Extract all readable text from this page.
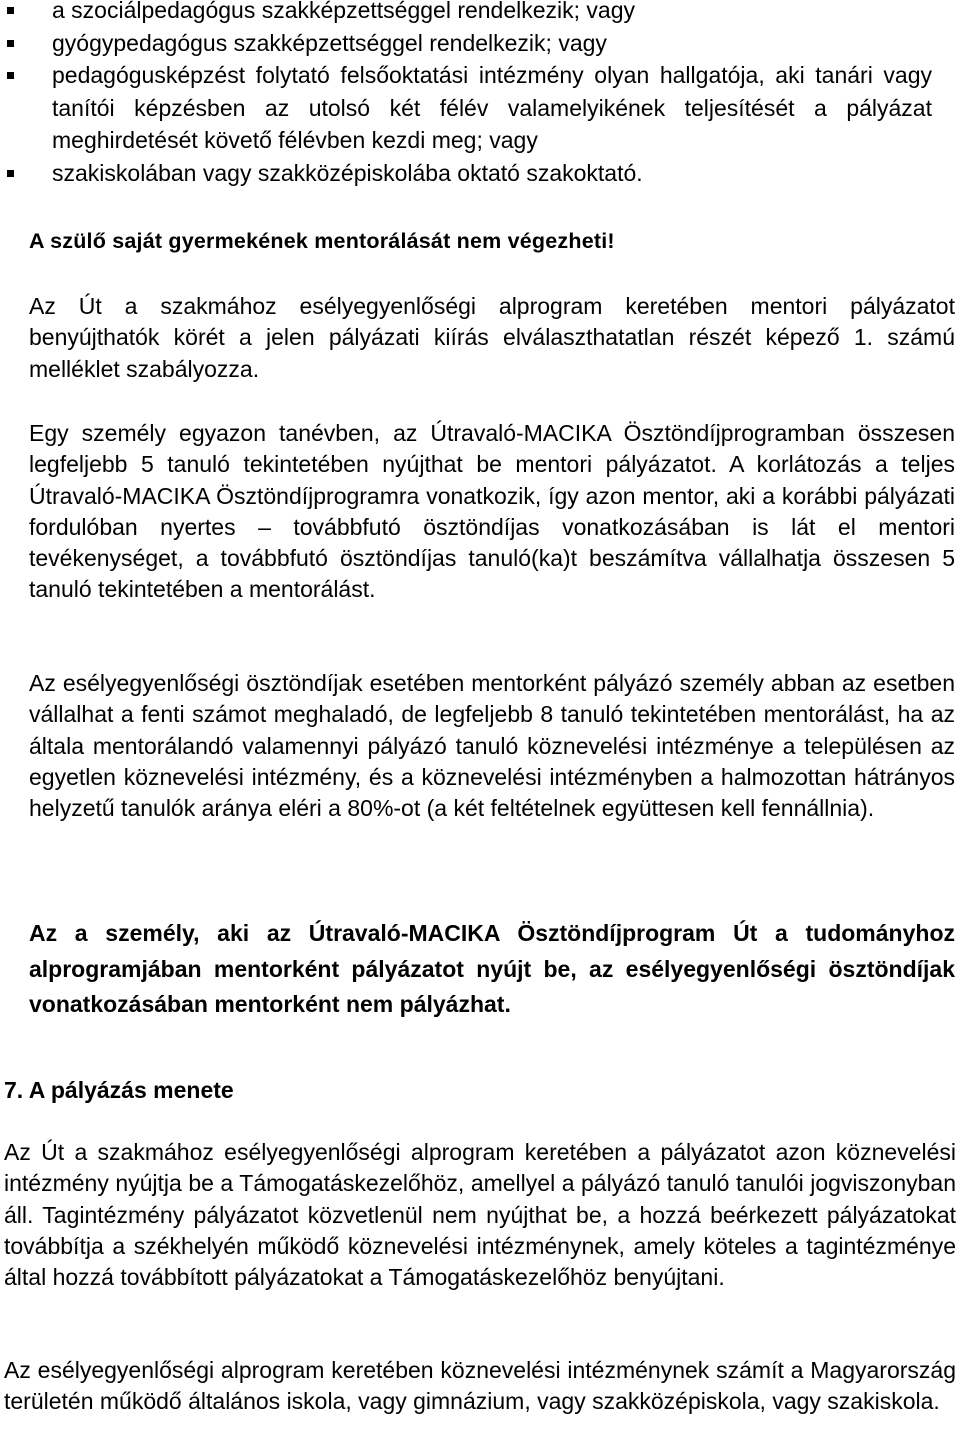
a szociálpedagógus szakképzettséggel rendelkezik; vagy
gyógypedagógus szakképzettséggel rendelkezik; vagy
pedagógusképzést folytató felsőoktatási intézmény olyan hallgatója, aki tanári vagy tanítói képzésben az utolsó két félév valamelyikének teljesítését a pályázat meghirdetését követő félévben kezdi meg; vagy
szakiskolában vagy szakközépiskolába oktató szakoktató.

A szülő saját gyermekének mentorálását nem végezheti!

Az Út a szakmához esélyegyenlőségi alprogram keretében mentori pályázatot benyújthatók körét a jelen pályázati kiírás elválaszthatatlan részét képező 1. számú melléklet szabályozza.

Egy személy egyazon tanévben, az Útravaló-MACIKA Ösztöndíjprogramban összesen legfeljebb 5 tanuló tekintetében nyújthat be mentori pályázatot. A korlátozás a teljes Útravaló-MACIKA Ösztöndíjprogramra vonatkozik, így azon mentor, aki a korábbi pályázati fordulóban nyertes – továbbfutó ösztöndíjas vonatkozásában is lát el mentori tevékenységet, a továbbfutó ösztöndíjas tanuló(ka)t beszámítva vállalhatja összesen 5 tanuló tekintetében a mentorálást.

Az esélyegyenlőségi ösztöndíjak esetében mentorként pályázó személy abban az esetben vállalhat a fenti számot meghaladó, de legfeljebb 8 tanuló tekintetében mentorálást, ha az általa mentorálandó valamennyi pályázó tanuló köznevelési intézménye a településen az egyetlen köznevelési intézmény, és a köznevelési intézményben a halmozottan hátrányos helyzetű tanulók aránya eléri a 80%-ot (a két feltételnek együttesen kell fennállnia).

Az a személy, aki az Útravaló-MACIKA Ösztöndíjprogram Út a tudományhoz alprogramjában mentorként pályázatot nyújt be, az esélyegyenlőségi ösztöndíjak vonatkozásában mentorként nem pályázhat.

7. A pályázás menete

Az Út a szakmához esélyegyenlőségi alprogram keretében a pályázatot azon köznevelési intézmény nyújtja be a Támogatáskezelőhöz, amellyel a pályázó tanuló tanulói jogviszonyban áll. Tagintézmény pályázatot közvetlenül nem nyújthat be, a hozzá beérkezett pályázatokat továbbítja a székhelyén működő köznevelési intézménynek, amely köteles a tagintézménye által hozzá továbbított pályázatokat a Támogatáskezelőhöz benyújtani.

Az esélyegyenlőségi alprogram keretében köznevelési intézménynek számít a Magyarország területén működő általános iskola, vagy gimnázium, vagy szakközépiskola, vagy szakiskola.
